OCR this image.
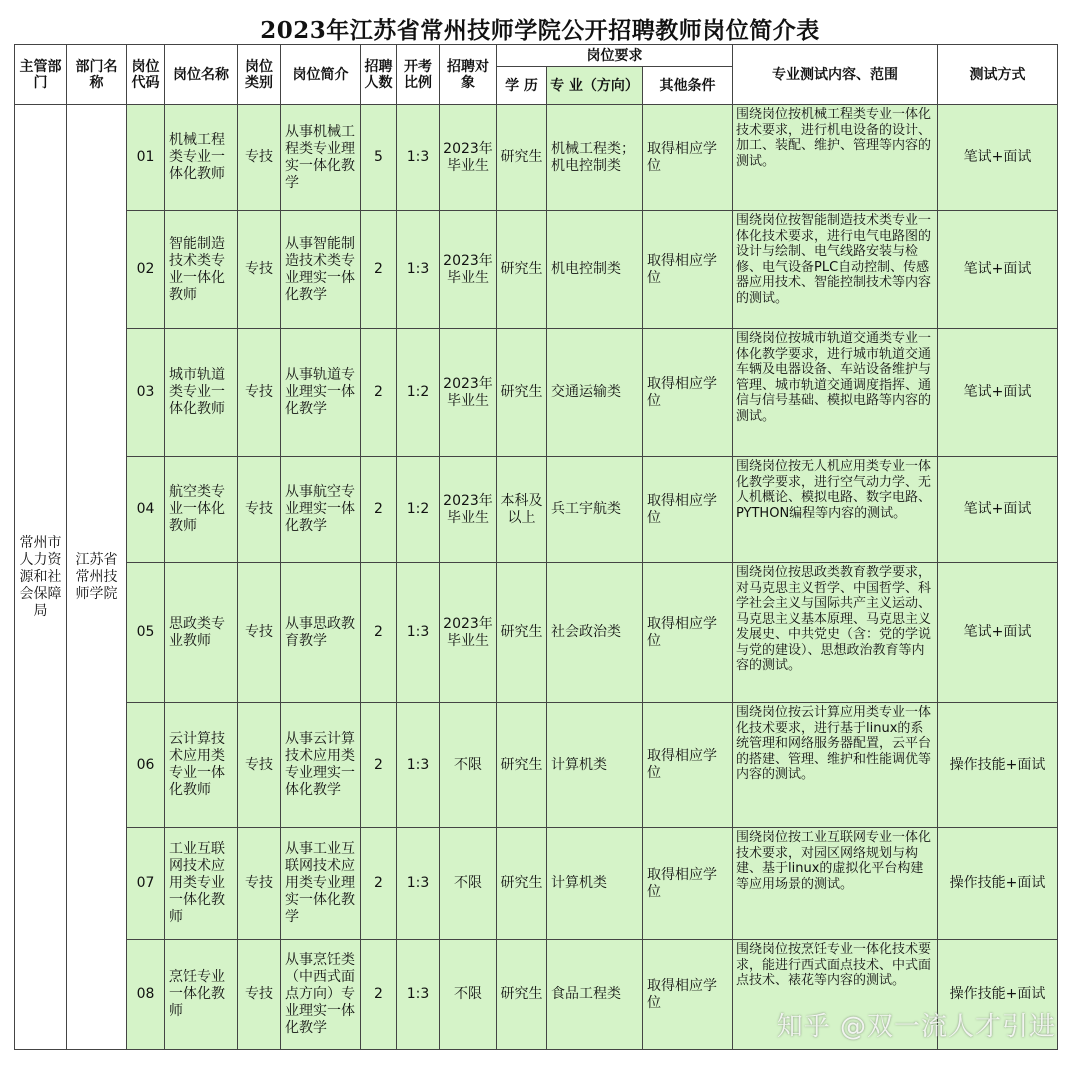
2023年江苏省常州技师学院公开招聘教师岗位简介表
主管部门	部门名称	岗位代码	岗位名称	岗位类别	岗位简介	招聘人数	开考比例	招聘对象	岗位要求			专业测试内容、范围	测试方式
									学 历	专 业（方向）	其他条件		
常州市人力资源和社会保障局	江苏省常州技师学院	01	机械工程类专业一体化教师	专技	从事机械工程类专业理实一体化教学	5	1:3	2023年毕业生	研究生	机械工程类；机电控制类	取得相应学位	围绕岗位按机械工程类专业一体化技术要求，进行机电设备的设计、加工、装配、维护、管理等内容的测试。	笔试+面试
		02	智能制造技术类专业一体化教师	专技	从事智能制造技术类专业理实一体化教学	2	1:3	2023年毕业生	研究生	机电控制类	取得相应学位	围绕岗位按智能制造技术类专业一体化技术要求，进行电气电路图的设计与绘制、电气线路安装与检修、电气设备PLC自动控制、传感器应用技术、智能控制技术等内容的测试。	笔试+面试
		03	城市轨道类专业一体化教师	专技	从事轨道专业理实一体化教学	2	1:2	2023年毕业生	研究生	交通运输类	取得相应学位	围绕岗位按城市轨道交通类专业一体化教学要求，进行城市轨道交通车辆及电器设备、车站设备维护与管理、城市轨道交通调度指挥、通信与信号基础、模拟电路等内容的测试。	笔试+面试
		04	航空类专业一体化教师	专技	从事航空专业理实一体化教学	2	1:2	2023年毕业生	本科及以上	兵工宇航类	取得相应学位	围绕岗位按无人机应用类专业一体化教学要求，进行空气动力学、无人机概论、模拟电路、数字电路、PYTHON编程等内容的测试。	笔试+面试
		05	思政类专业教师	专技	从事思政教育教学	2	1:3	2023年毕业生	研究生	社会政治类	取得相应学位	围绕岗位按思政类教育教学要求，对马克思主义哲学、中国哲学、科学社会主义与国际共产主义运动、马克思主义基本原理、马克思主义发展史、中共党史（含：党的学说与党的建设）、思想政治教育等内容的测试。	笔试+面试
		06	云计算技术应用类专业一体化教师	专技	从事云计算技术应用类专业理实一体化教学	2	1:3	不限	研究生	计算机类	取得相应学位	围绕岗位按云计算应用类专业一体化技术要求，进行基于linux的系统管理和网络服务器配置，云平台的搭建、管理、维护和性能调优等内容的测试。	操作技能+面试
		07	工业互联网技术应用类专业一体化教师	专技	从事工业互联网技术应用类专业理实一体化教学	2	1:3	不限	研究生	计算机类	取得相应学位	围绕岗位按工业互联网专业一体化技术要求，对园区网络规划与构建、基于linux的虚拟化平台构建等应用场景的测试。	操作技能+面试
		08	烹饪专业一体化教师	专技	从事烹饪类（中西式面点方向）专业理实一体化教学	2	1:3	不限	研究生	食品工程类	取得相应学位	围绕岗位按烹饪专业一体化技术要求，能进行西式面点技术、中式面点技术、裱花等内容的测试。	操作技能+面试
知乎 @双一流人才引进
